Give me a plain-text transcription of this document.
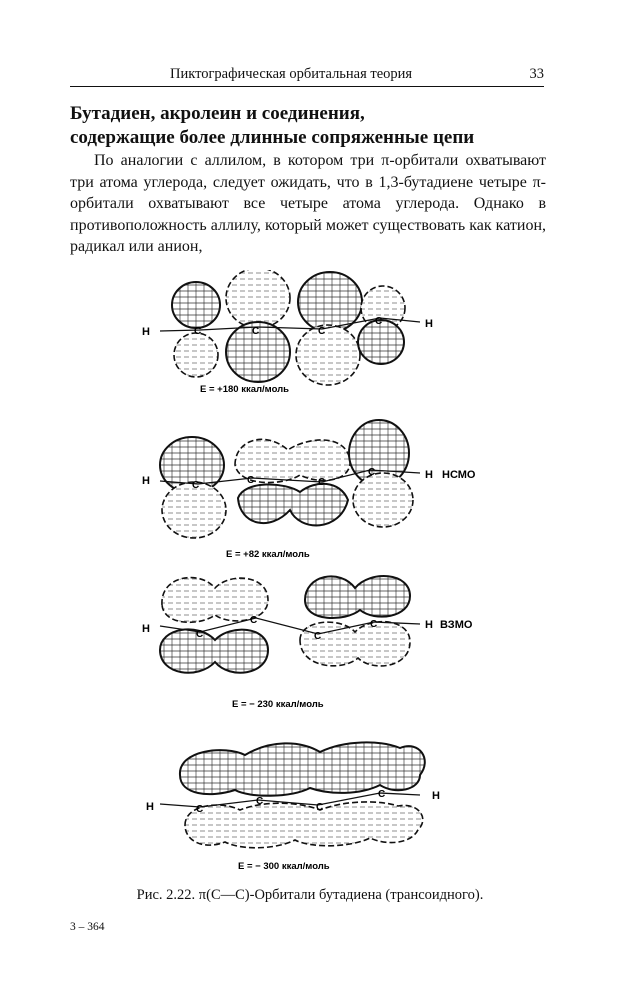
Пиктографическая орбитальная теория	33
Бутадиен, акролеин и соединения,
содержащие более длинные сопряженные цепи
По аналогии с аллилом, в котором три π-орбитали охватывают три атома углерода, следует ожидать, что в 1,3-бутадиене четыре π-орбитали охватывают все четыре атома углерода. Однако в противоположность аллилу, который может существовать как катион, радикал или анион,
H	C	C	C
C	H
E = +180 ккал/моль
H	C	C	C
C	H НСМО
E = +82 ккал/моль
H	C
C
C
C	H ВЗМО
E = − 230 ккал/моль
H	C
C
C
C	H
E = − 300 ккал/моль
Рис. 2.22. π(C—C)-Орбитали бутадиена (трансоидного).
3 – 364
